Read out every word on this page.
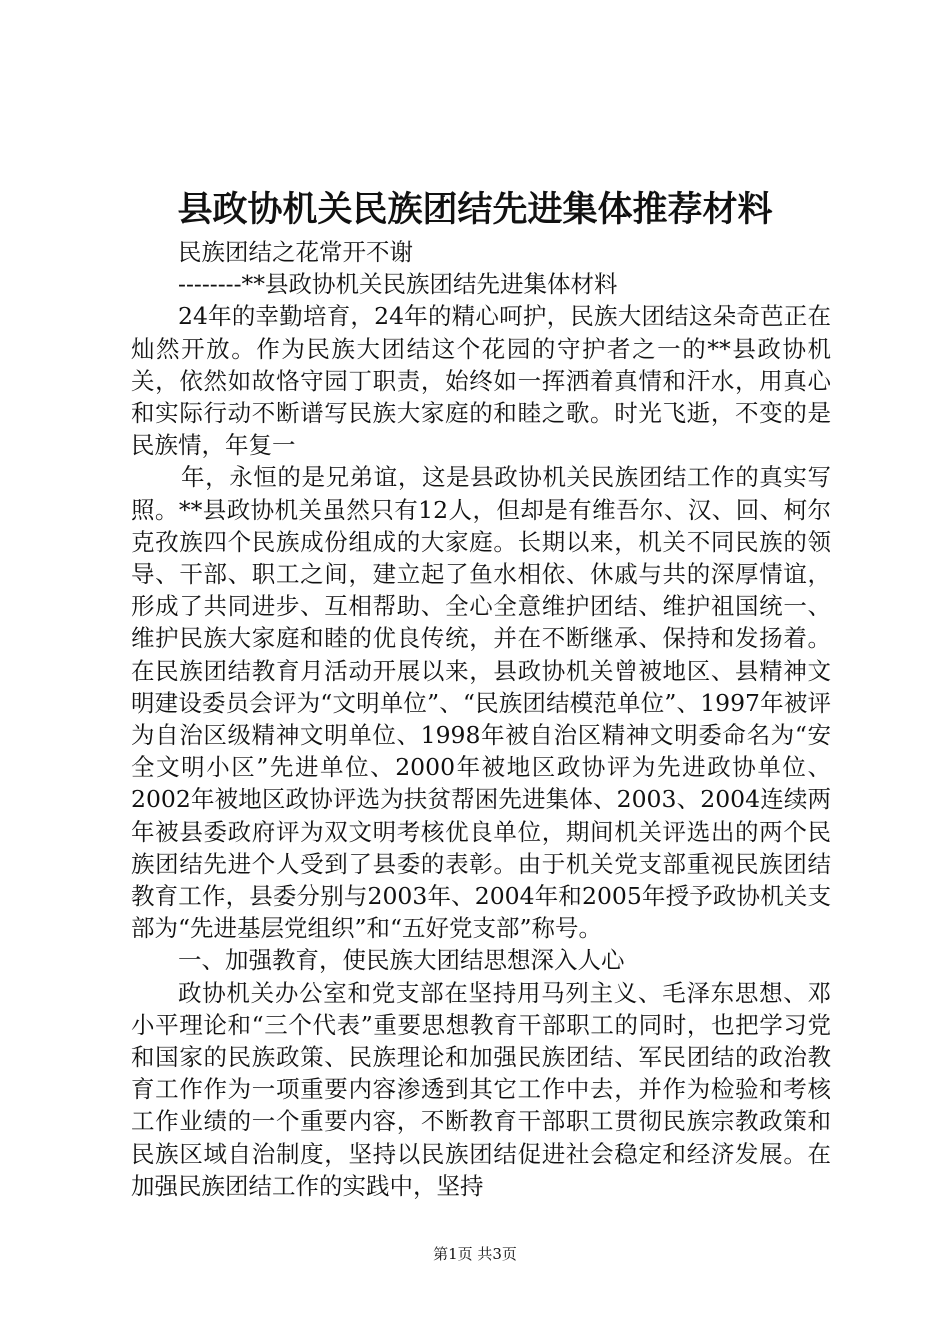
县政协机关民族团结先进集体推荐材料

民族团结之花常开不谢

--------**县政协机关民族团结先进集体材料

24年的幸勤培育，24年的精心呵护，民族大团结这朵奇芭正在灿然开放。作为民族大团结这个花园的守护者之一的**县政协机关，依然如故恪守园丁职责，始终如一挥洒着真情和汗水，用真心和实际行动不断谱写民族大家庭的和睦之歌。时光飞逝，不变的是民族情，年复一

年，永恒的是兄弟谊，这是县政协机关民族团结工作的真实写照。**县政协机关虽然只有12人，但却是有维吾尔、汉、回、柯尔克孜族四个民族成份组成的大家庭。长期以来，机关不同民族的领导、干部、职工之间，建立起了鱼水相依、休戚与共的深厚情谊，形成了共同进步、互相帮助、全心全意维护团结、维护祖国统一、维护民族大家庭和睦的优良传统，并在不断继承、保持和发扬着。在民族团结教育月活动开展以来，县政协机关曾被地区、县精神文明建设委员会评为“文明单位”、“民族团结模范单位”、1997年被评为自治区级精神文明单位、1998年被自治区精神文明委命名为“安全文明小区”先进单位、2000年被地区政协评为先进政协单位、2002年被地区政协评选为扶贫帮困先进集体、2003、2004连续两年被县委政府评为双文明考核优良单位，期间机关评选出的两个民族团结先进个人受到了县委的表彰。由于机关党支部重视民族团结教育工作，县委分别与2003年、2004年和2005年授予政协机关支部为“先进基层党组织”和“五好党支部”称号。

一、加强教育，使民族大团结思想深入人心

政协机关办公室和党支部在坚持用马列主义、毛泽东思想、邓小平理论和“三个代表”重要思想教育干部职工的同时，也把学习党和国家的民族政策、民族理论和加强民族团结、军民团结的政治教育工作作为一项重要内容渗透到其它工作中去，并作为检验和考核工作业绩的一个重要内容，不断教育干部职工贯彻民族宗教政策和民族区域自治制度，坚持以民族团结促进社会稳定和经济发展。在加强民族团结工作的实践中，坚持

第1页 共3页
